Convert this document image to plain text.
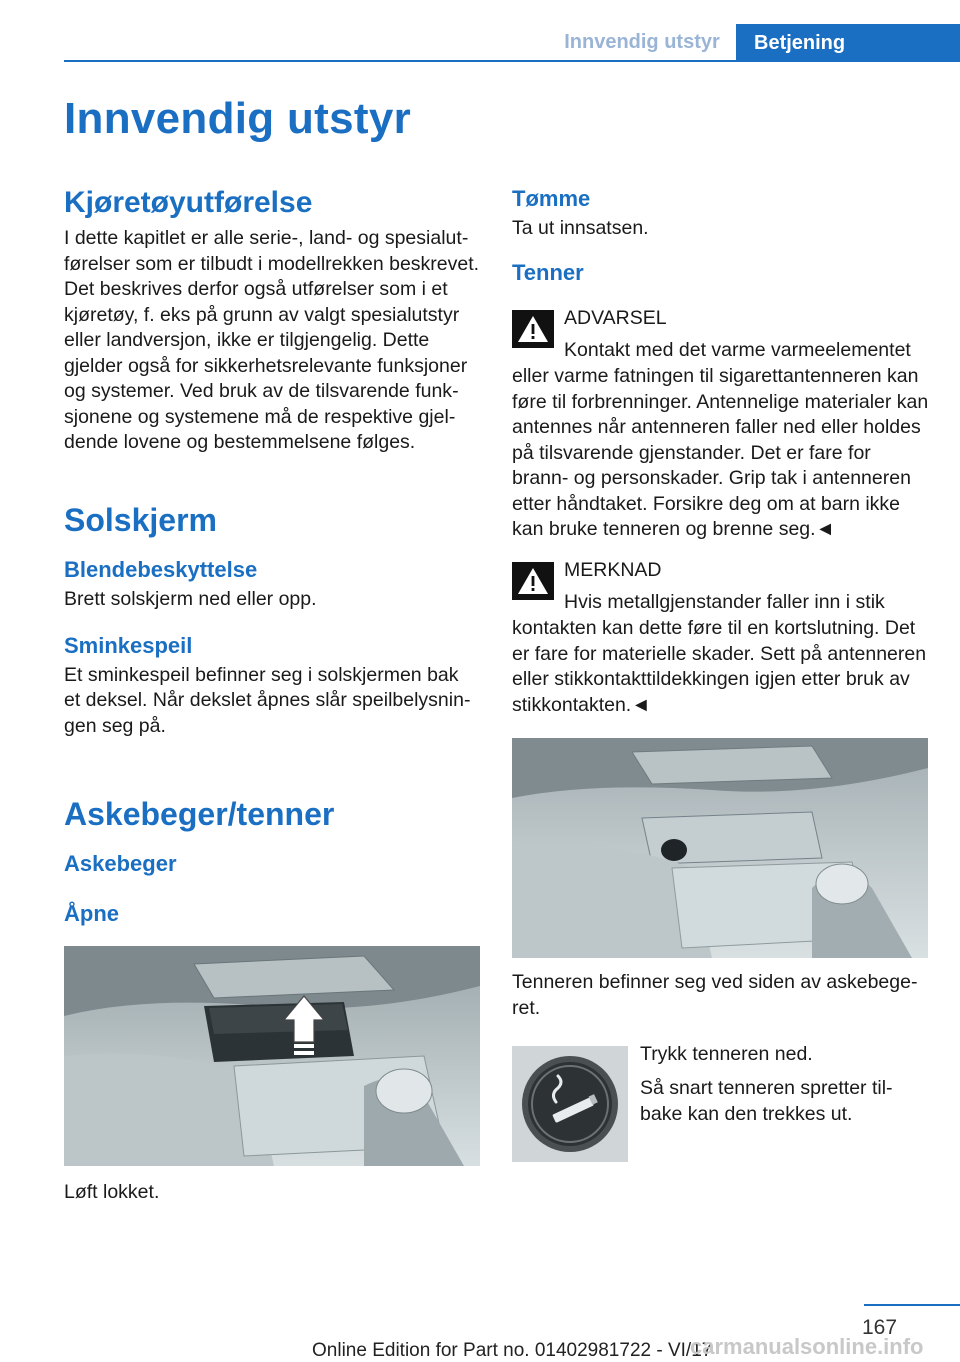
Innvendig utstyr	Betjening
Innvendig utstyr
Kjøretøyutførelse

I dette kapitlet er alle serie-, land- og spesialutførelser som er tilbudt i modellrekken beskrevet. Det beskrives derfor også utførelser som i et kjøretøy, f. eks på grunn av valgt spesialutstyr eller landversjon, ikke er tilgjengelig. Dette gjelder også for sikkerhetsrelevante funksjoner og systemer. Ved bruk av de tilsvarende funksjonene og systemene må de respektive gjeldende lovene og bestemmelsene følges.

Solskjerm
Blendebeskyttelse

Brett solskjerm ned eller opp.

Sminkespeil

Et sminkespeil befinner seg i solskjermen bak et deksel. Når dekslet åpnes slår speilbelysningen seg på.

Askebeger/tenner
Askebeger
Åpne

Løft lokket.

Tømme

Ta ut innsatsen.

Tenner
ADVARSEL
Kontakt med det varme varmeelementet

eller varme fatningen til sigarettantenneren kan føre til forbrenninger. Antennelige materialer kan antennes når antenneren faller ned eller holdes på tilsvarende gjenstander. Det er fare for brann- og personskader. Grip tak i antenneren etter håndtaket. Forsikre deg om at barn ikke kan bruke tenneren og brenne seg.◄

MERKNAD
Hvis metallgjenstander faller inn i stik

kontakten kan dette føre til en kortslutning. Det er fare for materielle skader. Sett på antenneren eller stikkontakttildekkingen igjen etter bruk av stikkontakten.◄

Tenneren befinner seg ved siden av askebegeret.

Trykk tenneren ned.

Så snart tenneren spretter tilbake kan den trekkes ut.

167
Online Edition for Part no. 01402981722 - VI/17
carmanualsonline.info
